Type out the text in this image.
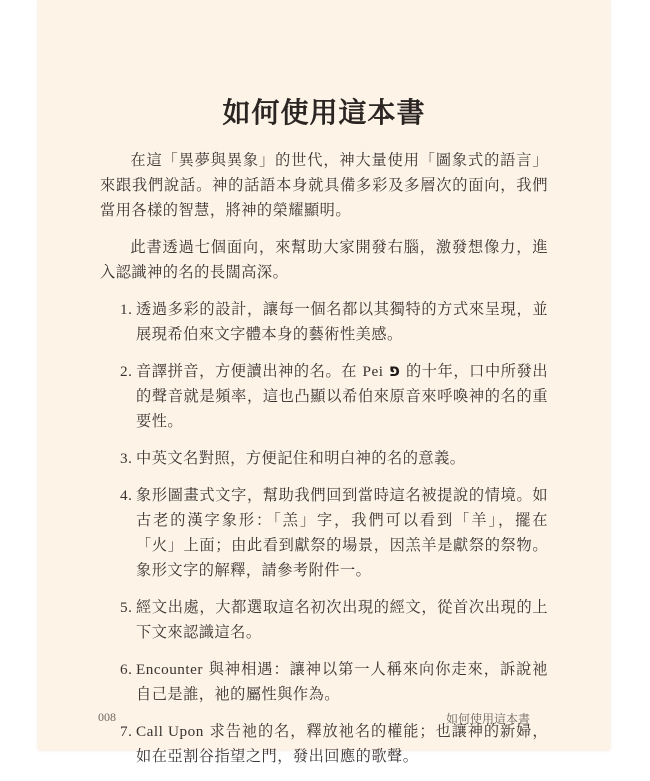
如何使用這本書

在這「異夢與異象」的世代，神大量使用「圖象式的語言」來跟我們說話。神的話語本身就具備多彩及多層次的面向，我們當用各樣的智慧，將神的榮耀顯明。

此書透過七個面向，來幫助大家開發右腦，激發想像力，進入認識神的名的長闊高深。

1. 透過多彩的設計，讓每一個名都以其獨特的方式來呈現，並展現希伯來文字體本身的藝術性美感。
2. 音譯拼音，方便讀出神的名。在 Pei פ 的十年，口中所發出的聲音就是頻率，這也凸顯以希伯來原音來呼喚神的名的重要性。
3. 中英文名對照，方便記住和明白神的名的意義。
4. 象形圖畫式文字，幫助我們回到當時這名被提說的情境。如古老的漢字象形：「羔」字，我們可以看到「羊」，擺在「火」上面；由此看到獻祭的場景，因羔羊是獻祭的祭物。象形文字的解釋，請參考附件一。
5. 經文出處，大都選取這名初次出現的經文，從首次出現的上下文來認識這名。
6. Encounter 與神相遇：讓神以第一人稱來向你走來，訴說祂自己是誰，祂的屬性與作為。
7. Call Upon 求告祂的名，釋放祂名的權能；也讓神的新婦，如在亞割谷指望之門，發出回應的歌聲。
008	如何使用這本書
